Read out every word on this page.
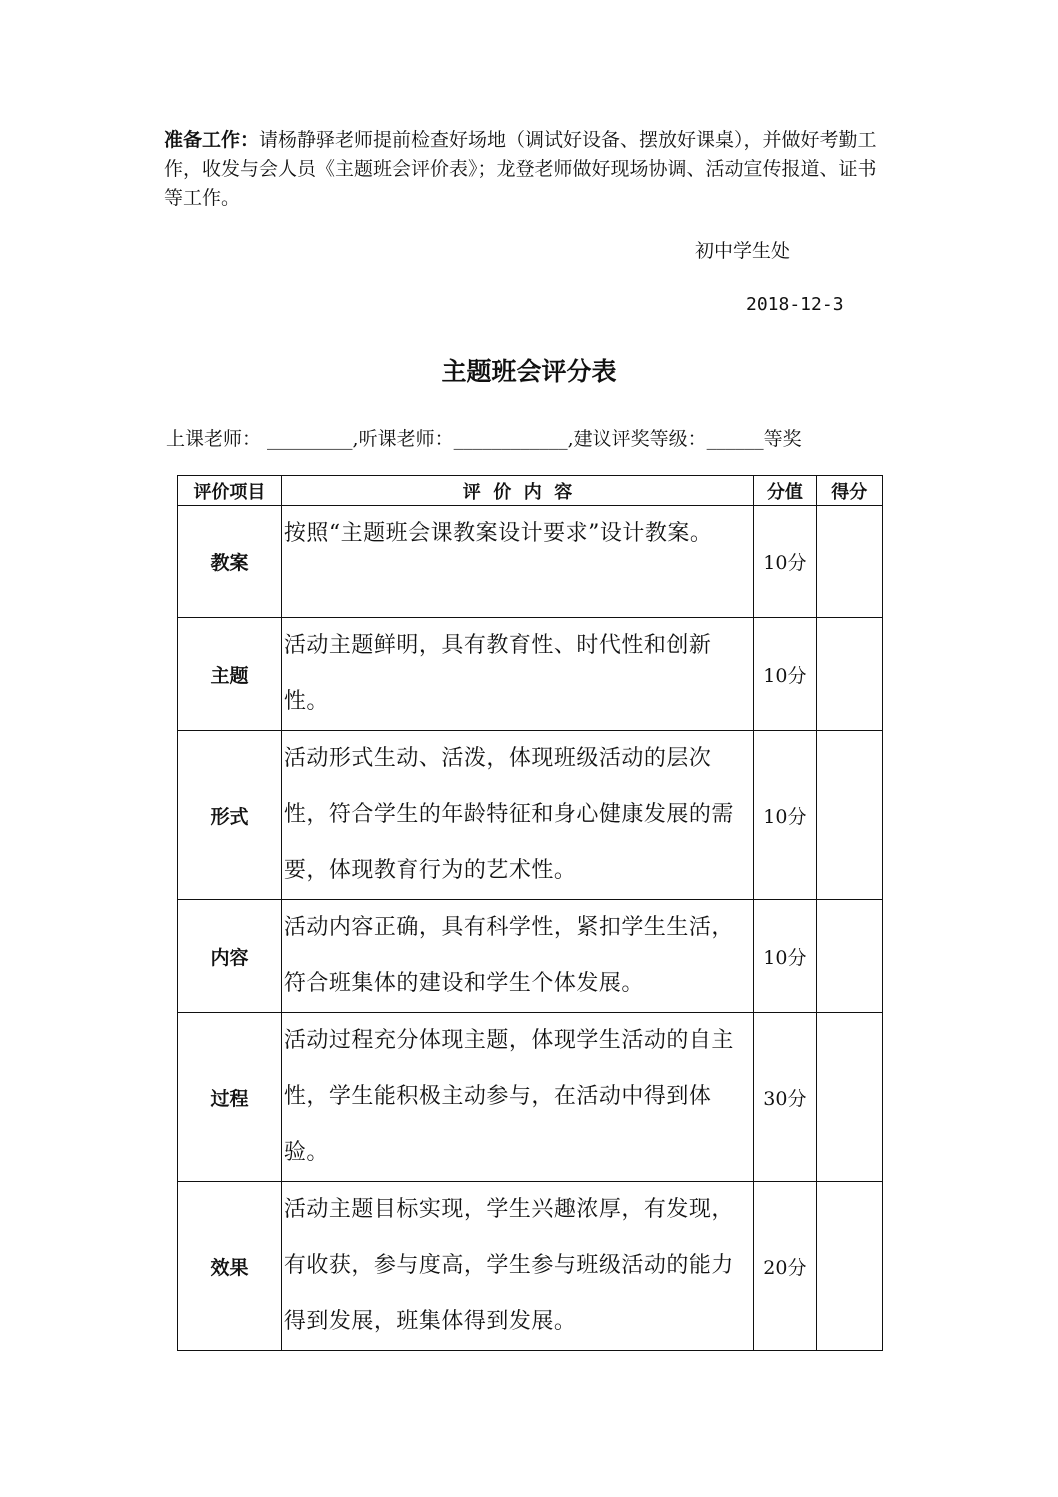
准备工作：请杨静驿老师提前检查好场地（调试好设备、摆放好课桌），并做好考勤工作，收发与会人员《主题班会评价表》；龙登老师做好现场协调、活动宣传报道、证书等工作。
初中学生处
2018-12-3
主题班会评分表
上课老师： _________,听课老师：____________,建议评奖等级：______等奖
评价项目	评  价  内  容	分值	得分
教案	按照“主题班会课教案设计要求”设计教案。	10分	
主题	活动主题鲜明，具有教育性、时代性和创新性。	10分	
形式	活动形式生动、活泼，体现班级活动的层次性，符合学生的年龄特征和身心健康发展的需要，体现教育行为的艺术性。	10分	
内容	活动内容正确，具有科学性，紧扣学生生活，符合班集体的建设和学生个体发展。	10分	
过程	活动过程充分体现主题，体现学生活动的自主性，学生能积极主动参与，在活动中得到体验。	30分	
效果	活动主题目标实现，学生兴趣浓厚，有发现，有收获，参与度高，学生参与班级活动的能力得到发展，班集体得到发展。	20分	
